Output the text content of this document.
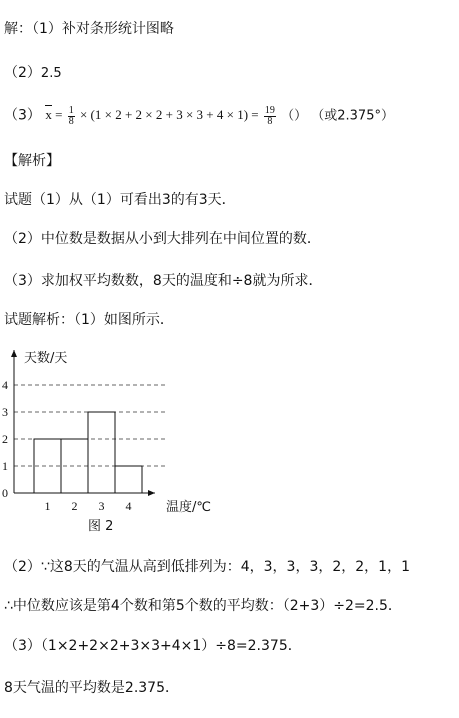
解：（1）补对条形统计图略
（2）2.5
（3） $x = \frac{1}{8} \times (1 \times 2 + 2 \times 2 + 3 \times 3 + 4 \times 1) = \frac{19}{8}$ （） （或2.375°）
【解析】
试题（1）从（1）可看出3的有3天．
（2）中位数是数据从小到大排列在中间位置的数．
（3）求加权平均数数，8天的温度和÷8就为所求．
试题解析：（1）如图所示．
0
1
2
3
4
1 2 3 4
天数/天
温度/℃
图 2
（2）∵这8天的气温从高到低排列为：4，3，3，3，2，2，1，1
∴中位数应该是第4个数和第5个数的平均数：（2+3）÷2=2.5．
（3）（1×2+2×2+3×3+4×1）÷8=2.375．
8天气温的平均数是2.375．
